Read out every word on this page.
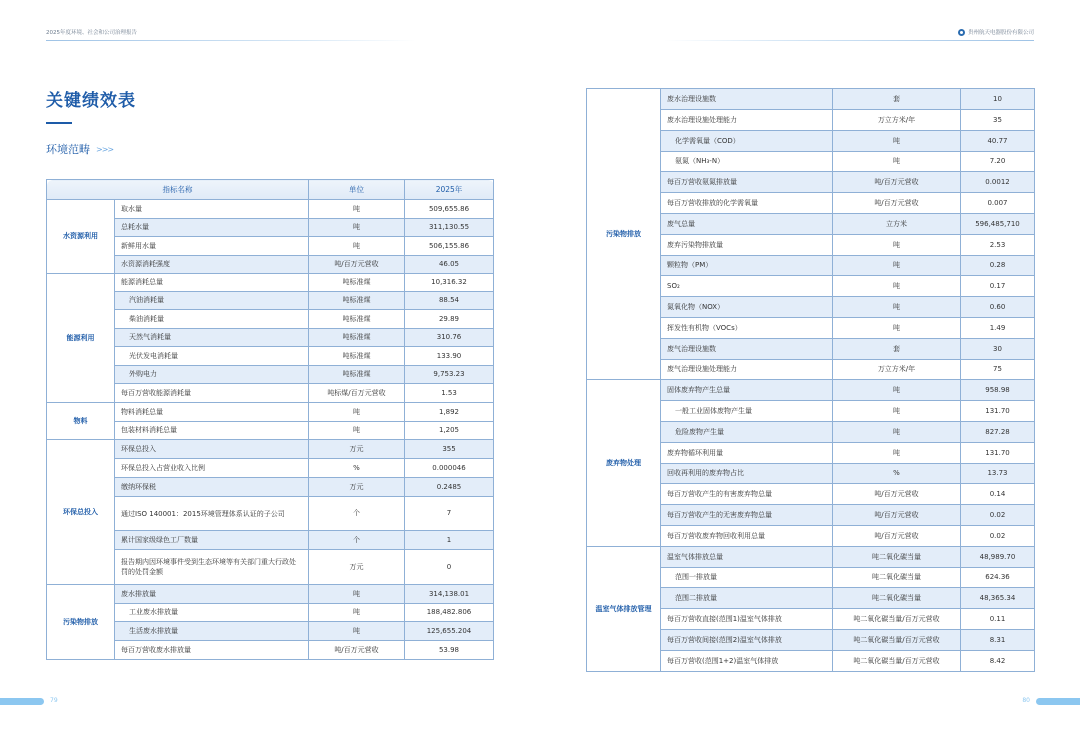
2025年度环境、社会和公司治理报告	贵州航天电器股份有限公司
关键绩效表
环境范畴 >>>
指标名称		单位	2025年
水资源利用	取水量	吨	509,655.86
	总耗水量	吨	311,130.55
	新鲜用水量	吨	506,155.86
	水资源消耗强度	吨/百万元营收	46.05
能源利用	能源消耗总量	吨标准煤	10,316.32
	汽油消耗量	吨标准煤	88.54
	柴油消耗量	吨标准煤	29.89
	天然气消耗量	吨标准煤	310.76
	光伏发电消耗量	吨标准煤	133.90
	外购电力	吨标准煤	9,753.23
	每百万营收能源消耗量	吨标煤/百万元营收	1.53
物料	物料消耗总量	吨	1,892
	包装材料消耗总量	吨	1,205
环保总投入	环保总投入	万元	355
	环保总投入占营业收入比例	%	0.000046
	缴纳环保税	万元	0.2485
	通过ISO 140001：2015环境管理体系认证的子公司	个	7
	累计国家级绿色工厂数量	个	1
	报告期内因环境事件受到生态环境等有关部门重大行政处罚的处罚金额	万元	0
污染物排放	废水排放量	吨	314,138.01
	工业废水排放量	吨	188,482.806
	生活废水排放量	吨	125,655.204
	每百万营收废水排放量	吨/百万元营收	53.98
污染物排放	废水治理设施数	套	10
	废水治理设施处理能力	万立方米/年	35
	化学需氧量（COD）	吨	40.77
	氨氮（NH₃-N）	吨	7.20
	每百万营收氨氮排放量	吨/百万元营收	0.0012
	每百万营收排放的化学需氧量	吨/百万元营收	0.007
	废气总量	立方米	596,485,710
	废弃污染物排放量	吨	2.53
	颗粒物（PM）	吨	0.28
	SO₂	吨	0.17
	氮氧化物（NOX）	吨	0.60
	挥发性有机物（VOCs）	吨	1.49
	废气治理设施数	套	30
	废气治理设施处理能力	万立方米/年	75
废弃物处理	固体废弃物产生总量	吨	958.98
	一般工业固体废物产生量	吨	131.70
	危险废物产生量	吨	827.28
	废弃物循环利用量	吨	131.70
	回收再利用的废弃物占比	%	13.73
	每百万营收产生的有害废弃物总量	吨/百万元营收	0.14
	每百万营收产生的无害废弃物总量	吨/百万元营收	0.02
	每百万营收废弃物回收利用总量	吨/百万元营收	0.02
温室气体排放管理	温室气体排放总量	吨二氧化碳当量	48,989.70
	范围一排放量	吨二氧化碳当量	624.36
	范围二排放量	吨二氧化碳当量	48,365.34
	每百万营收直接(范围1)温室气体排放	吨二氧化碳当量/百万元营收	0.11
	每百万营收间接(范围2)温室气体排放	吨二氧化碳当量/百万元营收	8.31
	每百万营收(范围1+2)温室气体排放	吨二氧化碳当量/百万元营收	8.42
79	80
